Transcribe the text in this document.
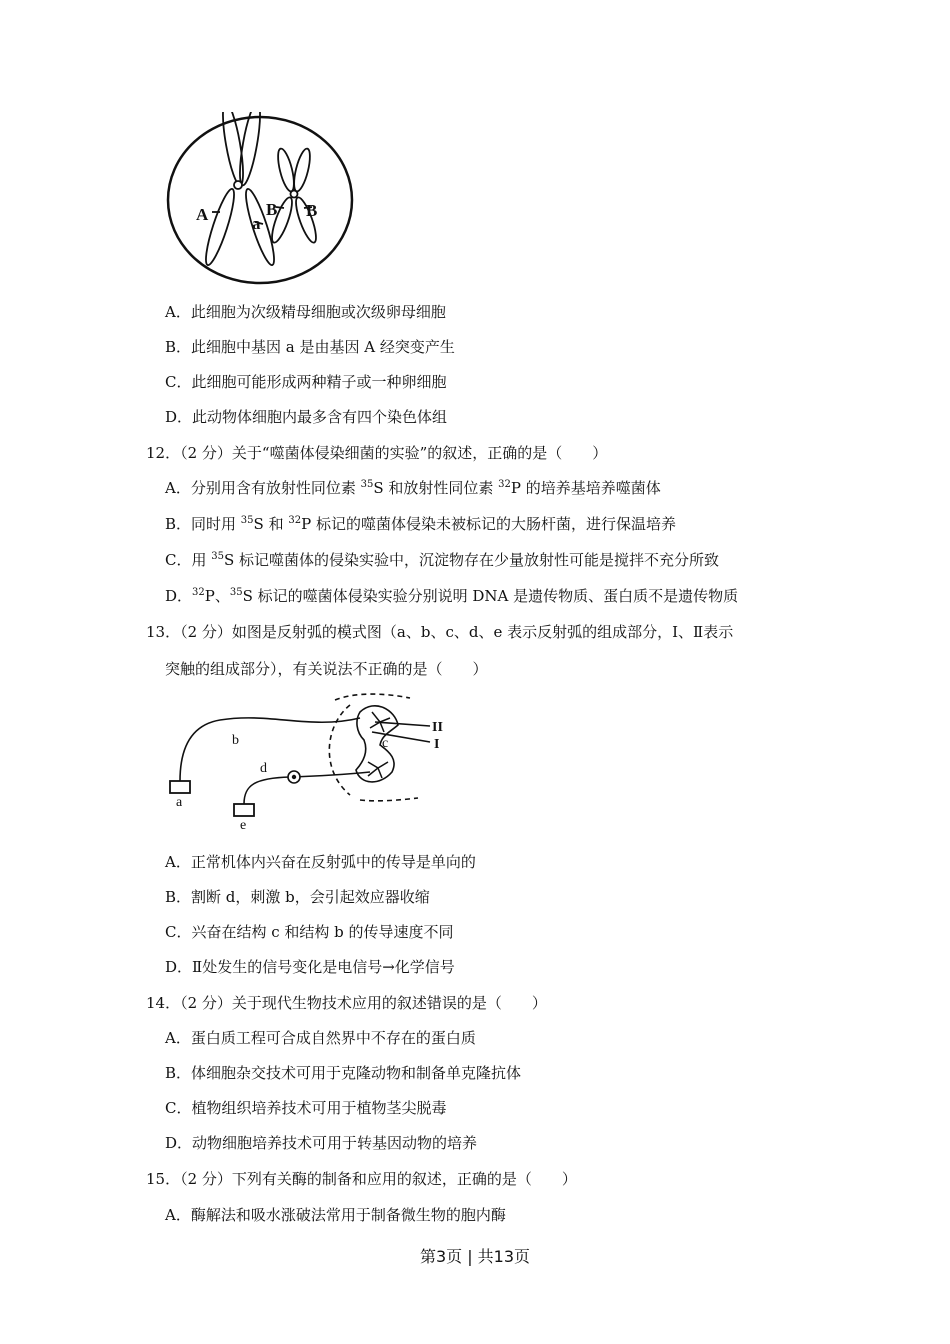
A	a
B B
A．此细胞为次级精母细胞或次级卵母细胞
B．此细胞中基因 a 是由基因 A 经突变产生
C．此细胞可能形成两种精子或一种卵细胞
D．此动物体细胞内最多含有四个染色体组
12．（2 分）关于“噬菌体侵染细菌的实验”的叙述，正确的是（　　）
A．分别用含有放射性同位素 $^{35}$S 和放射性同位素 $^{32}$P 的培养基培养噬菌体
B．同时用 $^{35}$S 和 $^{32}$P 标记的噬菌体侵染未被标记的大肠杆菌，进行保温培养
C．用 $^{35}$S 标记噬菌体的侵染实验中，沉淀物存在少量放射性可能是搅拌不充分所致
D．$^{32}$P、$^{35}$S 标记的噬菌体侵染实验分别说明 DNA 是遗传物质、蛋白质不是遗传物质
13．（2 分）如图是反射弧的模式图（a、b、c、d、e 表示反射弧的组成部分，Ⅰ、Ⅱ表示
突触的组成部分），有关说法不正确的是（　　）
a
b	c
d
e
II
I
A．正常机体内兴奋在反射弧中的传导是单向的
B．割断 d，刺激 b，会引起效应器收缩
C．兴奋在结构 c 和结构 b 的传导速度不同
D．Ⅱ处发生的信号变化是电信号→化学信号
14．（2 分）关于现代生物技术应用的叙述错误的是（　　）
A．蛋白质工程可合成自然界中不存在的蛋白质
B．体细胞杂交技术可用于克隆动物和制备单克隆抗体
C．植物组织培养技术可用于植物茎尖脱毒
D．动物细胞培养技术可用于转基因动物的培养
15．（2 分）下列有关酶的制备和应用的叙述，正确的是（　　）
A．酶解法和吸水涨破法常用于制备微生物的胞内酶
第3页 | 共13页
